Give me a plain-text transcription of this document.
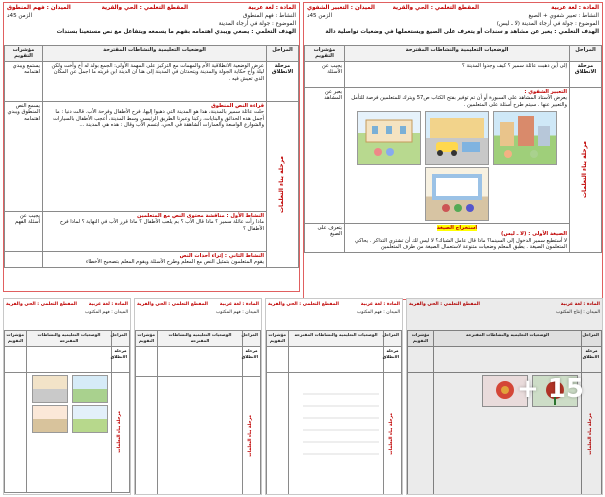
المادة : لغة عربية
النشاط : تعبير شفوي + الصيغ
الموضوع : جولة في أرجاء المدينة (لا ـ ليس)
المقطع التعلمي : الحي والقرية
الميدان : التعبير الشفوي
الزمن 45د
الهدف التعلمي : يعبر عن مشاهد و سندات أو يتعرف على الصيغ ويستعملها في وضعيات تواصلية دالة
المراحل	الوضعيات التعليمية والنشاطات المقترحة	مؤشرات التقويم
مرحلة الانطلاق	إلى أين ذهبت عائلة سمير ؟ كيف وجدوا المدينة ؟	يجيب عن الأسئلة

مرحلة بناء التعلمات	التعبير الشفوي :
يعرض الأستاذ المشاهد على السبورة أو أن تم توفير بفتح الكتاب ص57 ويترك للمتعلمين فرصة للتأمل والتعبير عنها . سيتم طرح أسئلة على المتعلمين .	يعبر عن المشاهد

	استخراج الصيغة
الصيغة الأولى : (لا ـ ليس)
لا أستطيع سمير الدخول إلى السينما؟ ماذا قال عامل الشباك؟ لا ليس لك أن تشتري التذاكر . يحاكي المتعلمون الصيغة . يطبق المعلم وضعيات متنوعة لاستعمال الصيغة من طرف المتعلمين	يتعرف على الصيغ
المادة : لغة عربية
النشاط : فهم المنطوق
الموضوع : جولة في أرجاء المدينة
المقطع التعلمي : الحي والقرية
الميدان : فهم المنطوق
الزمن 45د
الهدف التعلمي : يصغي ويبدي اهتمامه بفهم ما يسمعه ويتفاعل مع نص مستعينا بسندات
المراحل	الوضعيات التعليمية والنشاطات المقترحة	مؤشرات التقويم
مرحلة الانطلاق	عرض الوضعية الانطلاقية الأم والمهمات مع التركيز على المهمة الأولى: الجمع بولد له أخ وأخت ولكن ليلة وأخ حكاية الجولة والمدينة ويتحدثان في المدينة إلى هنا ان الدينة ابن قريته ما اجمل عن المكان الذي تعيش فيه .	يستمع ويبدي اهتمامه

مرحلة بناء التعلمات	قراءة النص المنطوق
حلت عائلة سمير بالمدينة، هذا هو المدينة التي ذهبوا إليها، فرح الأطفال وفرحة الأب. قالت دنيا : ما أجمل هذه الحدائق والبنايات، ركبنا وعبرنا الطريق الرئيسي وسط المدينة، أعجب الأطفال بالسيارات والشوارع الواسعة والعمارات الشاهقة في الحي، ابتسم الأب وقال : هذه هي المدينة ...	يسمع النص المنطوق ويبدي اهتمامه

	النشاط الأول : مناقشة محتوى النص مع المتعلمين
ماذا رأت عائلة سمير ؟ ماذا قال الأب ؟ بم يلعب الأطفال ؟ ماذا قرر الأب في النهاية ؟ لماذا فرح الأطفال ؟	يجيب عن أسئلة الفهم

	النشاط الثاني : إثراء أحداث النص
يقوم المتعلمون بتمثيل النص مع المعلم وطرح الأسئلة ويقوم المعلم بتصحيح الأخطاء	

المادة : لغة عربية
الميدان : فهم المكتوب
المقطع التعلمي : الحي والقرية
المراحل	الوضعيات التعليمية والنشاطات المقترحة	مؤشرات التقويم
مرحلة الانطلاق		

مرحلة بناء التعلمات		

المادة : لغة عربية
الميدان : فهم المكتوب
المقطع التعلمي : الحي والقرية
المراحل	الوضعيات التعليمية والنشاطات المقترحة	مؤشرات التقويم
مرحلة الانطلاق		

مرحلة بناء التعلمات		

المادة : لغة عربية
الميدان : فهم المكتوب
المقطع التعلمي : الحي والقرية
المراحل	الوضعيات التعليمية والنشاطات المقترحة	مؤشرات التقويم
مرحلة الانطلاق		

مرحلة بناء التعلمات

المادة : لغة عربية
الميدان : إنتاج المكتوب
المقطع التعلمي : الحي والقرية
المراحل	الوضعيات التعليمية والنشاطات المقترحة	مؤشرات التقويم
مرحلة الانطلاق		

مرحلة بناء التعلمات

15 +
